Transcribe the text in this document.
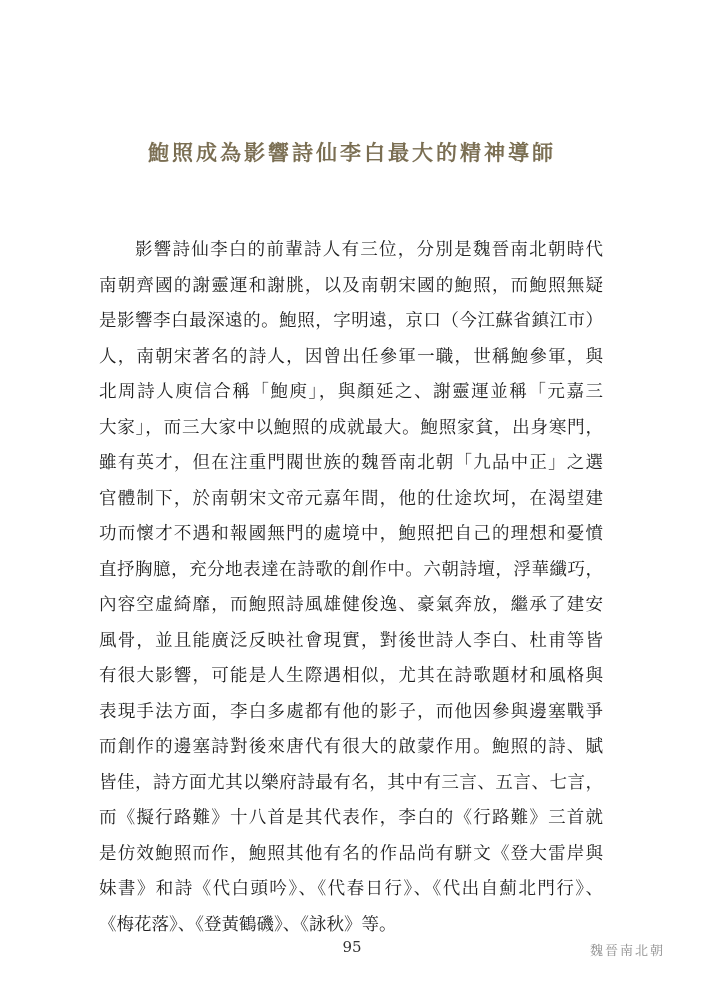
鮑照成為影響詩仙李白最大的精神導師
影響詩仙李白的前輩詩人有三位，分別是魏晉南北朝時代
南朝齊國的謝靈運和謝朓，以及南朝宋國的鮑照，而鮑照無疑
是影響李白最深遠的。鮑照，字明遠，京口（今江蘇省鎮江市）
人，南朝宋著名的詩人，因曾出任參軍一職，世稱鮑參軍，與
北周詩人庾信合稱「鮑庾」，與顏延之、謝靈運並稱「元嘉三
大家」，而三大家中以鮑照的成就最大。鮑照家貧，出身寒門，
雖有英才，但在注重門閥世族的魏晉南北朝「九品中正」之選
官體制下，於南朝宋文帝元嘉年間，他的仕途坎坷，在渴望建
功而懷才不遇和報國無門的處境中，鮑照把自己的理想和憂憤
直抒胸臆，充分地表達在詩歌的創作中。六朝詩壇，浮華纖巧，
內容空虛綺靡，而鮑照詩風雄健俊逸、豪氣奔放，繼承了建安
風骨，並且能廣泛反映社會現實，對後世詩人李白、杜甫等皆
有很大影響，可能是人生際遇相似，尤其在詩歌題材和風格與
表現手法方面，李白多處都有他的影子，而他因參與邊塞戰爭
而創作的邊塞詩對後來唐代有很大的啟蒙作用。鮑照的詩、賦
皆佳，詩方面尤其以樂府詩最有名，其中有三言、五言、七言，
而《擬行路難》十八首是其代表作，李白的《行路難》三首就
是仿效鮑照而作，鮑照其他有名的作品尚有駢文《登大雷岸與
妹書》和詩《代白頭吟》、《代春日行》、《代出自薊北門行》、
《梅花落》、《登黃鶴磯》、《詠秋》等。
95	魏晉南北朝
